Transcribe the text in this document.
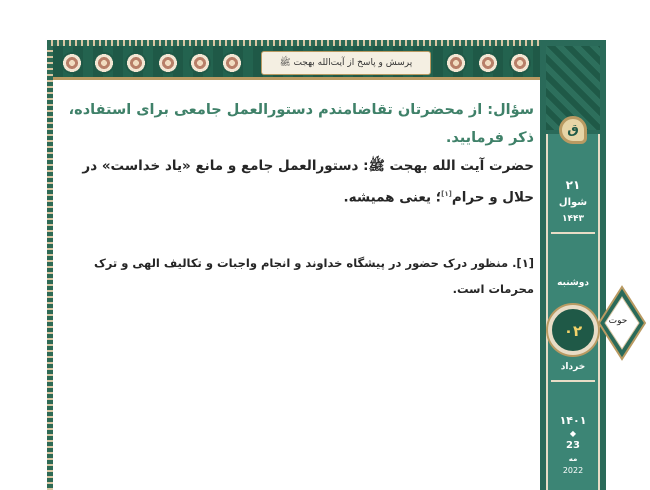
پرسش و پاسخ از آیت‌الله بهجت ﷺ
ق
۲۱
شوال
۱۴۴۳
دوشنبه
۰۲
حوت
خرداد
۱۴۰۱
◆
23
مه
2022

سؤال: از محضرتان تقاضامندم دستورالعمل جامعی برای استفاده، ذکر فرمایید.

حضرت آیت الله بهجت ﷺ: دستورالعمل جامع و مانع «یاد خداست» در حلال و حرام[۱]؛ یعنی همیشه.

[۱]. منظور درک حضور در پیشگاه خداوند و انجام واجبات و تکالیف الهی و ترک محرمات است.
